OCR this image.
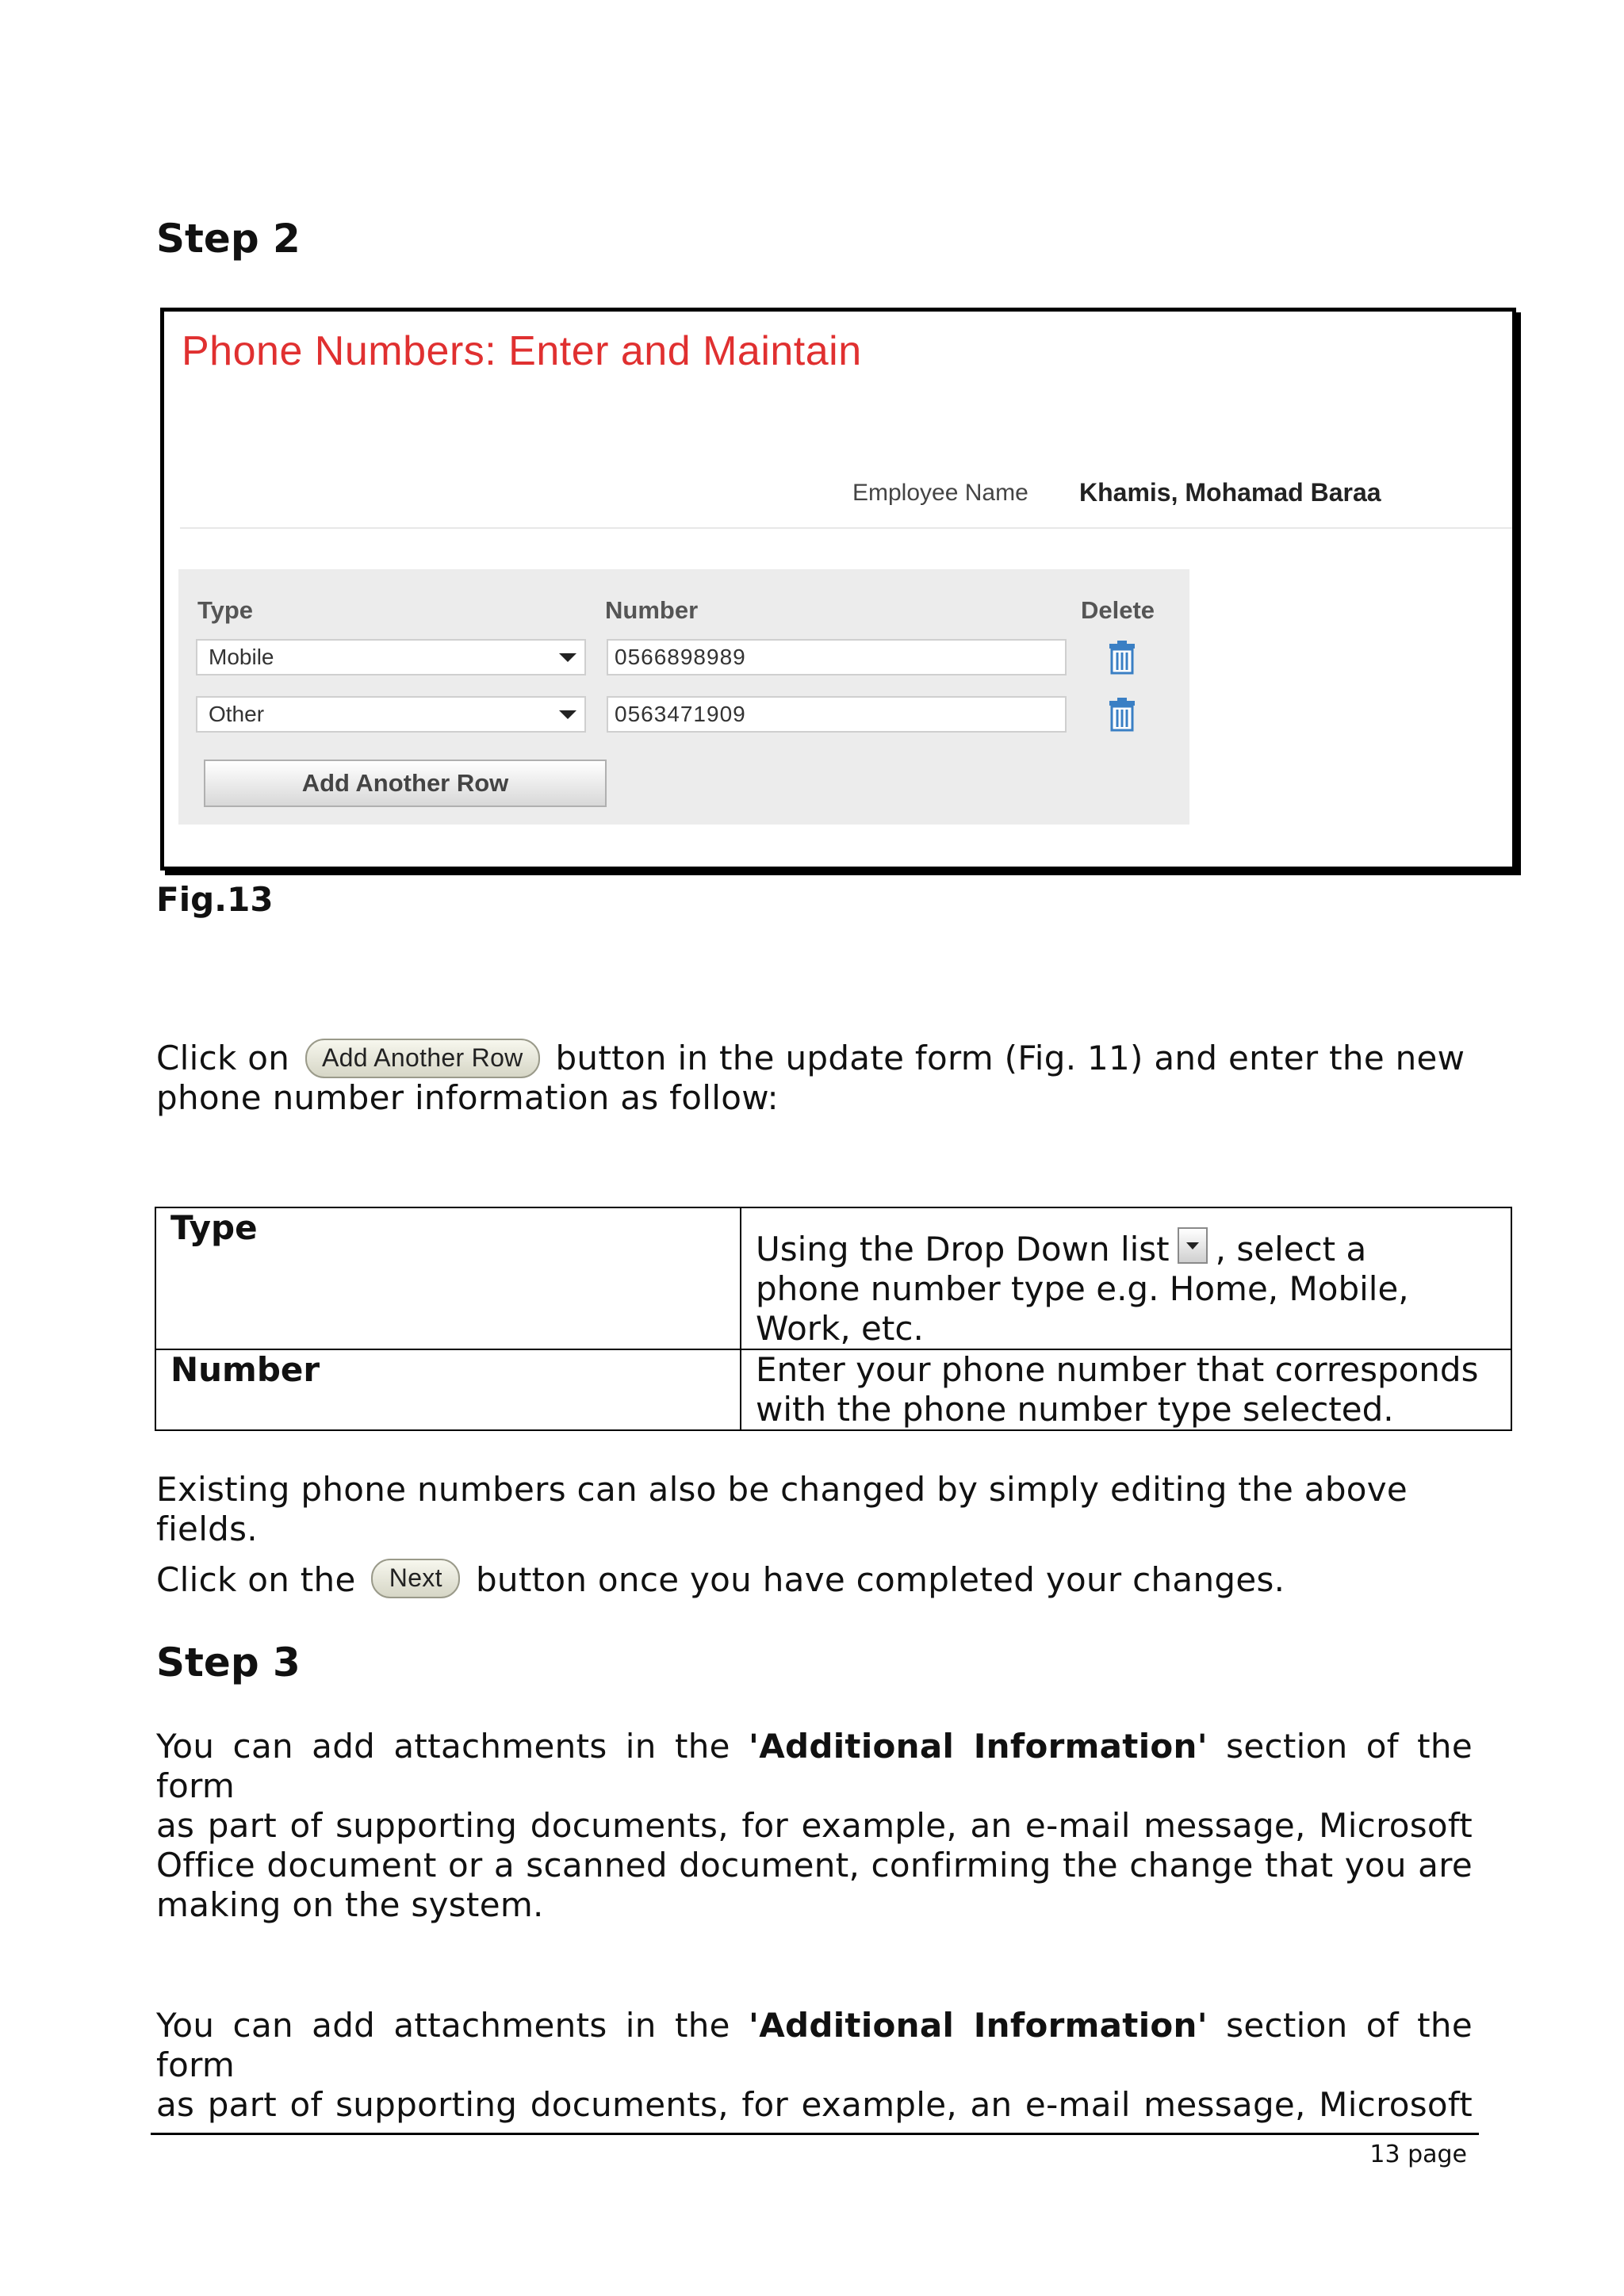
Step 2
Phone Numbers: Enter and Maintain
Employee Name Khamis, Mohamad Baraa
Type	Number	Delete
Mobile	0566898989
Other	0563471909
Add Another Row
Fig.13
Click on Add Another Row button in the update form (Fig. 11) and enter the new
phone number information as follow:
Type	Using the Drop Down list , select a
phone number type e.g. Home, Mobile,
Work, etc.
Number	Enter your phone number that corresponds
with the phone number type selected.
Existing phone numbers can also be changed by simply editing the above
fields.
Click on the Next button once you have completed your changes.
Step 3
You can add attachments in the 'Additional Information' section of the form
as part of supporting documents, for example, an e-mail message, Microsoft
Office document or a scanned document, confirming the change that you are
making on the system.
You can add attachments in the 'Additional Information' section of the form
as part of supporting documents, for example, an e-mail message, Microsoft
13 page
